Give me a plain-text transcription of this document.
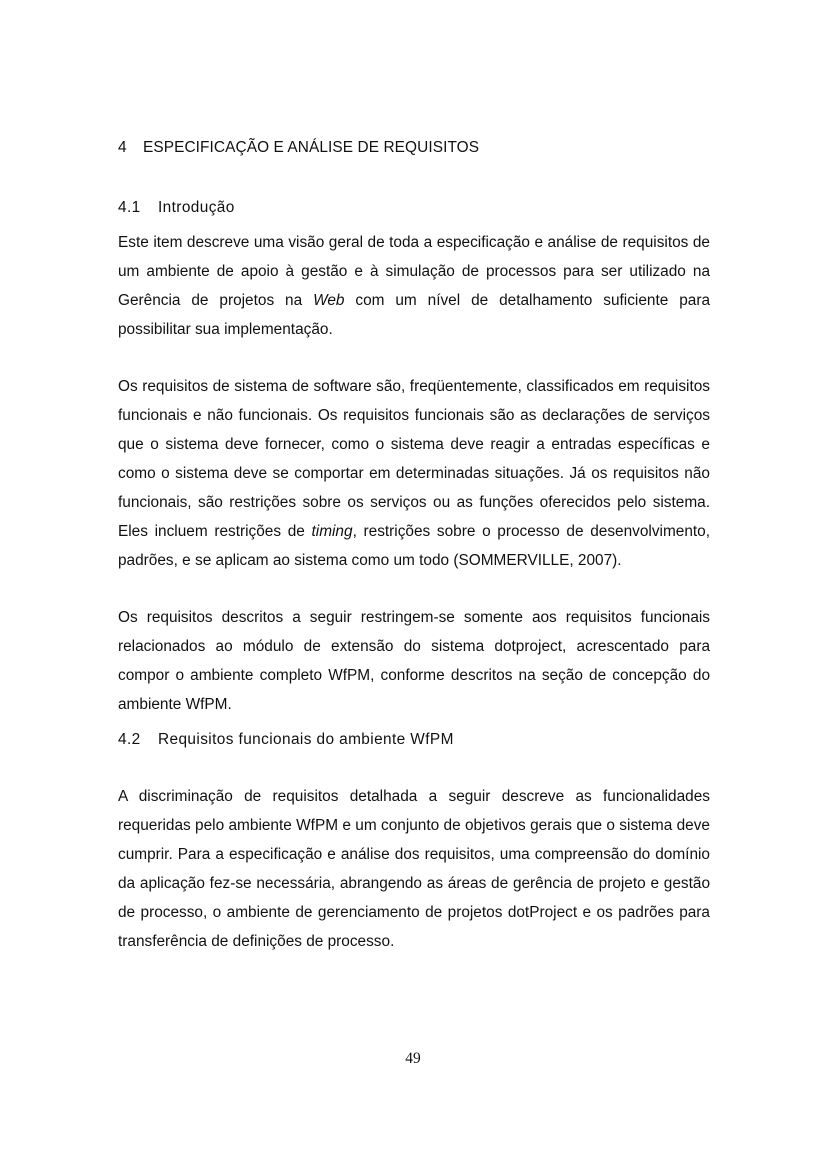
4 ESPECIFICAÇÃO E ANÁLISE DE REQUISITOS
4.1 Introdução

Este item descreve uma visão geral de toda a especificação e análise de requisitos de um ambiente de apoio à gestão e à simulação de processos para ser utilizado na Gerência de projetos na Web com um nível de detalhamento suficiente para possibilitar sua implementação.

Os requisitos de sistema de software são, freqüentemente, classificados em requisitos funcionais e não funcionais. Os requisitos funcionais são as declarações de serviços que o sistema deve fornecer, como o sistema deve reagir a entradas específicas e como o sistema deve se comportar em determinadas situações. Já os requisitos não funcionais, são restrições sobre os serviços ou as funções oferecidos pelo sistema. Eles incluem restrições de timing, restrições sobre o processo de desenvolvimento, padrões, e se aplicam ao sistema como um todo (SOMMERVILLE, 2007).

Os requisitos descritos a seguir restringem-se somente aos requisitos funcionais relacionados ao módulo de extensão do sistema dotproject, acrescentado para compor o ambiente completo WfPM, conforme descritos na seção de concepção do ambiente WfPM.

4.2 Requisitos funcionais do ambiente WfPM

A discriminação de requisitos detalhada a seguir descreve as funcionalidades requeridas pelo ambiente WfPM e um conjunto de objetivos gerais que o sistema deve cumprir. Para a especificação e análise dos requisitos, uma compreensão do domínio da aplicação fez-se necessária, abrangendo as áreas de gerência de projeto e gestão de processo, o ambiente de gerenciamento de projetos dotProject e os padrões para transferência de definições de processo.

49
